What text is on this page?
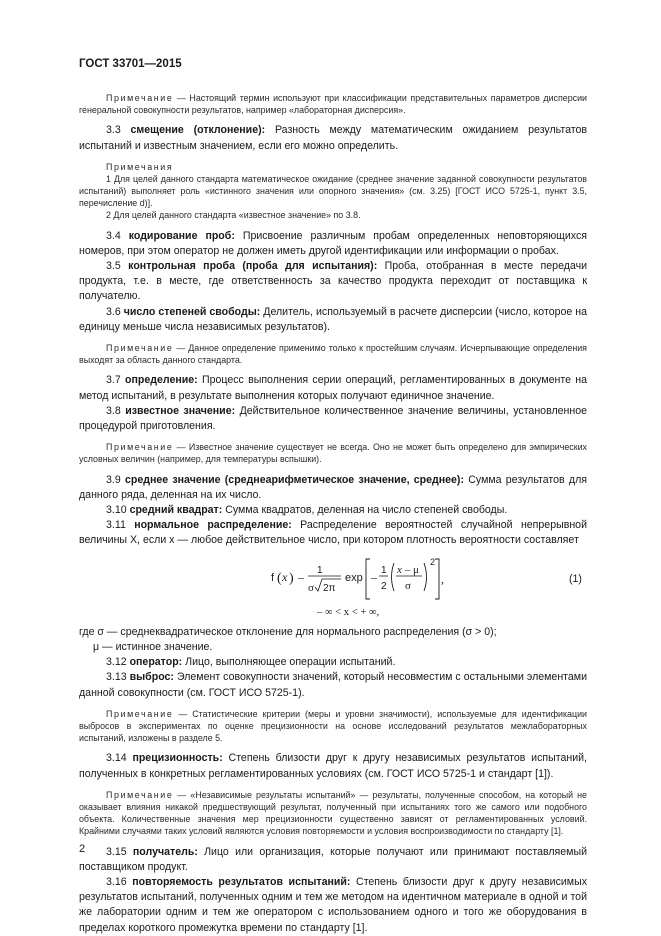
ГОСТ 33701—2015

Примечание — Настоящий термин используют при классификации представительных параметров дисперсии генеральной совокупности результатов, например «лабораторная дисперсия».

3.3 смещение (отклонение): Разность между математическим ожиданием результатов испытаний и известным значением, если его можно определить.

Примечания

1 Для целей данного стандарта математическое ожидание (среднее значение заданной совокупности результатов испытаний) выполняет роль «истинного значения или опорного значения» (см. 3.25) [ГОСТ ИСО 5725-1, пункт 3.5, перечисление d)].

2 Для целей данного стандарта «известное значение» по 3.8.

3.4 кодирование проб: Присвоение различным пробам определенных неповторяющихся номеров, при этом оператор не должен иметь другой идентификации или информации о пробах.

3.5 контрольная проба (проба для испытания): Проба, отобранная в месте передачи продукта, т.е. в месте, где ответственность за качество продукта переходит от поставщика к получателю.

3.6 число степеней свободы: Делитель, используемый в расчете дисперсии (число, которое на единицу меньше числа независимых результатов).

Примечание — Данное определение применимо только к простейшим случаям. Исчерпывающие определения выходят за область данного стандарта.

3.7 определение: Процесс выполнения серии операций, регламентированных в документе на метод испытаний, в результате выполнения которых получают единичное значение.

3.8 известное значение: Действительное количественное значение величины, установленное процедурой приготовления.

Примечание — Известное значение существует не всегда. Оно не может быть определено для эмпирических условных величин (например, для температуры вспышки).

3.9 среднее значение (среднеарифметическое значение, среднее): Сумма результатов для данного ряда, деленная на их число.

3.10 средний квадрат: Сумма квадратов, деленная на число степеней свободы.

3.11 нормальное распределение: Распределение вероятностей случайной непрерывной величины X, если x — любое действительное число, при котором плотность вероятности составляет

f ( x ) – 1
σ 2π
exp – 1
2
x – μ
σ
2
,	(1)
– ∞ < x < + ∞,

где σ — среднеквадратическое отклонение для нормального распределения (σ > 0);

μ — истинное значение.

3.12 оператор: Лицо, выполняющее операции испытаний.

3.13 выброс: Элемент совокупности значений, который несовместим с остальными элементами данной совокупности (см. ГОСТ ИСО 5725-1).

Примечание — Статистические критерии (меры и уровни значимости), используемые для идентификации выбросов в экспериментах по оценке прецизионности на основе исследований результатов межлабораторных испытаний, изложены в разделе 5.

3.14 прецизионность: Степень близости друг к другу независимых результатов испытаний, полученных в конкретных регламентированных условиях (см. ГОСТ ИСО 5725-1 и стандарт [1]).

Примечание — «Независимые результаты испытаний» — результаты, полученные способом, на который не оказывает влияния никакой предшествующий результат, полученный при испытаниях того же самого или подобного объекта. Количественные значения мер прецизионности существенно зависят от регламентированных условий. Крайними случаями таких условий являются условия повторяемости и условия воспроизводимости по стандарту [1].

3.15 получатель: Лицо или организация, которые получают или принимают поставляемый поставщиком продукт.

3.16 повторяемость результатов испытаний: Степень близости друг к другу независимых результатов испытаний, полученных одним и тем же методом на идентичном материале в одной и той же лаборатории одним и тем же оператором с использованием одного и того же оборудования в пределах короткого промежутка времени по стандарту [1].

2
